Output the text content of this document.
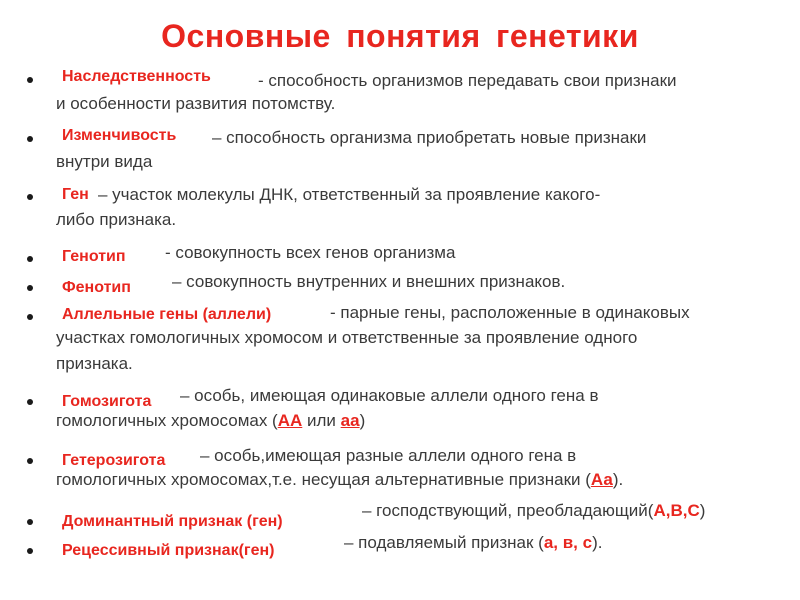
Основные понятия генетики
Наследственность	- способность организмов передавать свои признаки
и особенности развития потомству.
Изменчивость – способность организма приобретать новые признаки
внутри вида
Ген – участок молекулы ДНК, ответственный за проявление какого-
либо признака.
Генотип - совокупность всех генов организма
Фенотип – совокупность внутренних и внешних признаков.
Аллельные гены (аллели)	- парные гены, расположенные в одинаковых
участках гомологичных хромосом и ответственные за проявление одного
признака.
Гомозигота – особь, имеющая одинаковые аллели одного гена в
гомологичных хромосомах (АА или аа)
Гетерозигота – особь,имеющая разные аллели одного гена в
гомологичных хромосомах,т.е. несущая альтернативные признаки (Аа).
Доминантный признак (ген)
– господствующий, преобладающий(А,В,С)
Рецессивный признак(ген)	– подавляемый признак (а, в, с).
